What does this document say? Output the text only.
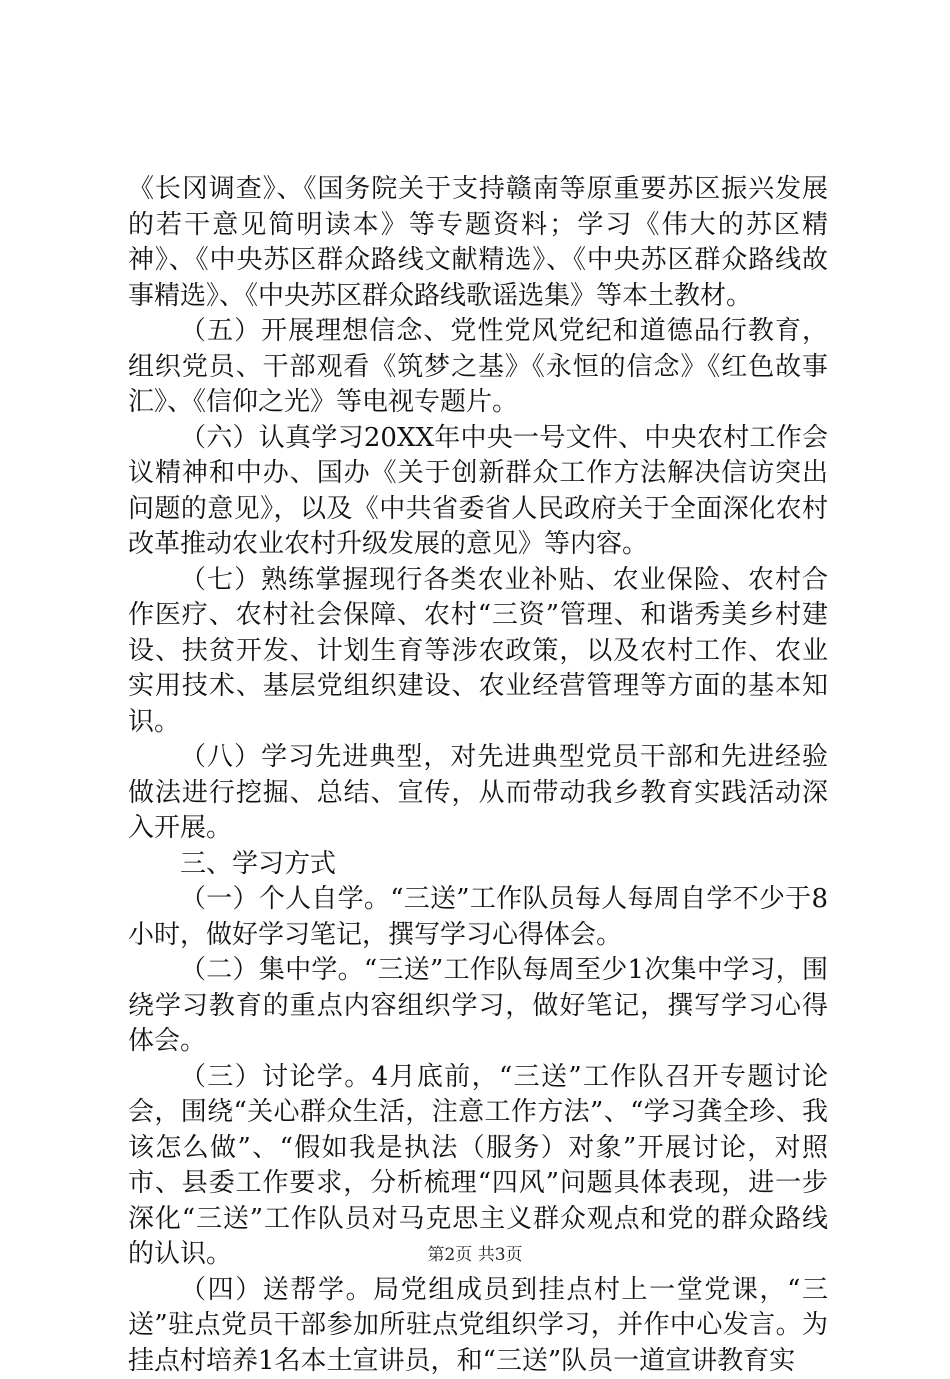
《长冈调查》、《国务院关于支持赣南等原重要苏区振兴发展的若干意见简明读本》等专题资料；学习《伟大的苏区精神》、《中央苏区群众路线文献精选》、《中央苏区群众路线故事精选》、《中央苏区群众路线歌谣选集》等本土教材。

（五）开展理想信念、党性党风党纪和道德品行教育，组织党员、干部观看《筑梦之基》《永恒的信念》《红色故事汇》、《信仰之光》等电视专题片。

（六）认真学习20XX年中央一号文件、中央农村工作会议精神和中办、国办《关于创新群众工作方法解决信访突出问题的意见》，以及《中共省委省人民政府关于全面深化农村改革推动农业农村升级发展的意见》等内容。

（七）熟练掌握现行各类农业补贴、农业保险、农村合作医疗、农村社会保障、农村“三资”管理、和谐秀美乡村建设、扶贫开发、计划生育等涉农政策，以及农村工作、农业实用技术、基层党组织建设、农业经营管理等方面的基本知识。

（八）学习先进典型，对先进典型党员干部和先进经验做法进行挖掘、总结、宣传，从而带动我乡教育实践活动深入开展。

三、学习方式

（一）个人自学。“三送”工作队员每人每周自学不少于8小时，做好学习笔记，撰写学习心得体会。

（二）集中学。“三送”工作队每周至少1次集中学习，围绕学习教育的重点内容组织学习，做好笔记，撰写学习心得体会。

（三）讨论学。4月底前，“三送”工作队召开专题讨论会，围绕“关心群众生活，注意工作方法”、“学习龚全珍、我该怎么做”、“假如我是执法（服务）对象”开展讨论，对照市、县委工作要求，分析梳理“四风”问题具体表现，进一步深化“三送”工作队员对马克思主义群众观点和党的群众路线的认识。

（四）送帮学。局党组成员到挂点村上一堂党课，“三送”驻点党员干部参加所驻点党组织学习，并作中心发言。为挂点村培养1名本土宣讲员，和“三送”队员一道宣讲教育实

第2页 共3页
